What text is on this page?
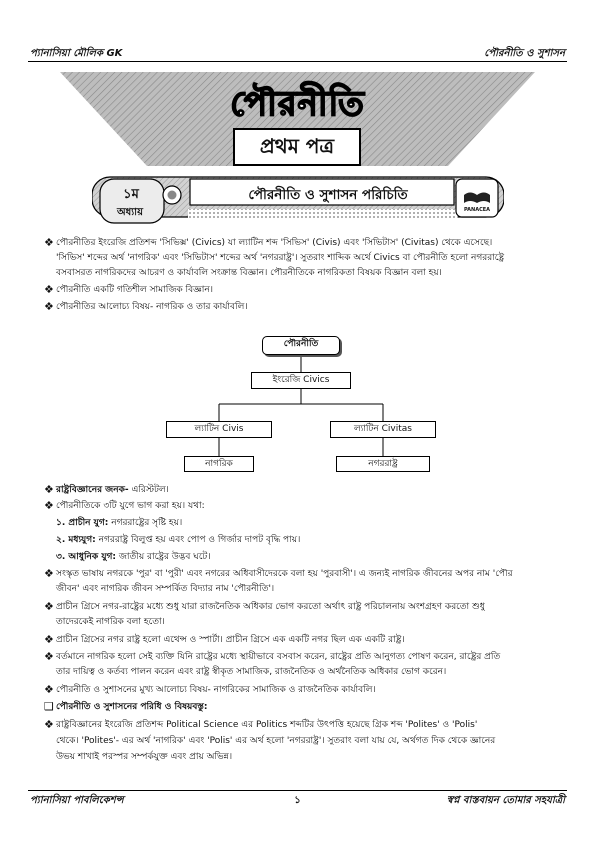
প্যানাসিয়া মৌলিক GK	পৌরনীতি ও সুশাসন
পৌরনীতি
প্রথম পত্র
১ম
অধ্যায়
পৌরনীতি ও সুশাসন পরিচিতি
PANACEA
❖ পৌরনীতির ইংরেজি প্রতিশব্দ 'সিভিক্স' (Civics) যা ল্যাটিন শব্দ 'সিভিস' (Civis) এবং 'সিভিটাস' (Civitas) থেকে এসেছে।
'সিভিস' শব্দের অর্থ 'নাগরিক' এবং 'সিভিটাস' শব্দের অর্থ 'নগররাষ্ট্র'। সুতরাং শাব্দিক অর্থে Civics বা পৌরনীতি হলো নগররাষ্ট্রে
বসবাসরত নাগরিকদের আচরণ ও কার্যাবলি সংক্রান্ত বিজ্ঞান। পৌরনীতিকে নাগরিকতা বিষয়ক বিজ্ঞান বলা হয়।
❖ পৌরনীতি একটি গতিশীল সামাজিক বিজ্ঞান।
❖ পৌরনীতির আলোচ্য বিষয়- নাগরিক ও তার কার্যাবলি।
পৌরনীতি
ইংরেজি Civics
ল্যাটিন Civis	ল্যাটিন Civitas
নাগরিক	নগররাষ্ট্র
❖ রাষ্ট্রবিজ্ঞানের জনক- এরিস্টটল।
❖ পৌরনীতিকে ৩টি যুগে ভাগ করা হয়। যথা:
১. প্রাচীন যুগ: নগররাষ্ট্রের সৃষ্টি হয়।
২. মধ্যযুগ: নগররাষ্ট্র বিলুপ্ত হয় এবং পোপ ও গির্জার দাপট বৃদ্ধি পায়।
৩. আধুনিক যুগ: জাতীয় রাষ্ট্রের উদ্ভব ঘটে।
❖ সংস্কৃত ভাষায় নগরকে 'পুর' বা 'পুরী' এবং নগরের অধিবাসীদেরকে বলা হয় 'পুরবাসী'। এ জন্যই নাগরিক জীবনের অপর নাম 'পৌর
জীবন' এবং নাগরিক জীবন সম্পর্কিত বিদ্যার নাম 'পৌরনীতি'।
❖ প্রাচীন গ্রিসে নগর-রাষ্ট্রের মধ্যে শুধু যারা রাজনৈতিক অধিকার ভোগ করতো অর্থাৎ রাষ্ট্র পরিচালনায় অংশগ্রহণ করতো শুধু
তাদেরকেই নাগরিক বলা হতো।
❖ প্রাচীন গ্রিসের নগর রাষ্ট্র হলো এথেন্স ও স্পার্টা। প্রাচীন গ্রিসে এক একটি নগর ছিল এক একটি রাষ্ট্র।
❖ বর্তমানে নাগরিক হলো সেই ব্যক্তি যিনি রাষ্ট্রের মধ্যে স্থায়ীভাবে বসবাস করেন, রাষ্ট্রের প্রতি আনুগত্য পোষণ করেন, রাষ্ট্রের প্রতি
তার দায়িত্ব ও কর্তব্য পালন করেন এবং রাষ্ট্র স্বীকৃত সামাজিক, রাজনৈতিক ও অর্থনৈতিক অধিকার ভোগ করেন।
❖ পৌরনীতি ও সুশাসনের মুখ্য আলোচ্য বিষয়- নাগরিকের সামাজিক ও রাজনৈতিক কার্যাবলি।
❑ পৌরনীতি ও সুশাসনের পরিধি ও বিষয়বস্তু:
❖ রাষ্ট্রবিজ্ঞানের ইংরেজি প্রতিশব্দ Political Science এর Politics শব্দটির উৎপত্তি হয়েছে গ্রিক শব্দ 'Polites' ও 'Polis'
থেকে। 'Polites'- এর অর্থ 'নাগরিক' এবং 'Polis' এর অর্থ হলো 'নগররাষ্ট্র'। সুতরাং বলা যায় যে, অর্থগত দিক থেকে জ্ঞানের
উভয় শাখাই পরস্পর সম্পর্কযুক্ত এবং প্রায় অভিন্ন।
প্যানাসিয়া পাবলিকেশন্স	১	স্বপ্ন বাস্তবায়ন তোমার সহযাত্রী
